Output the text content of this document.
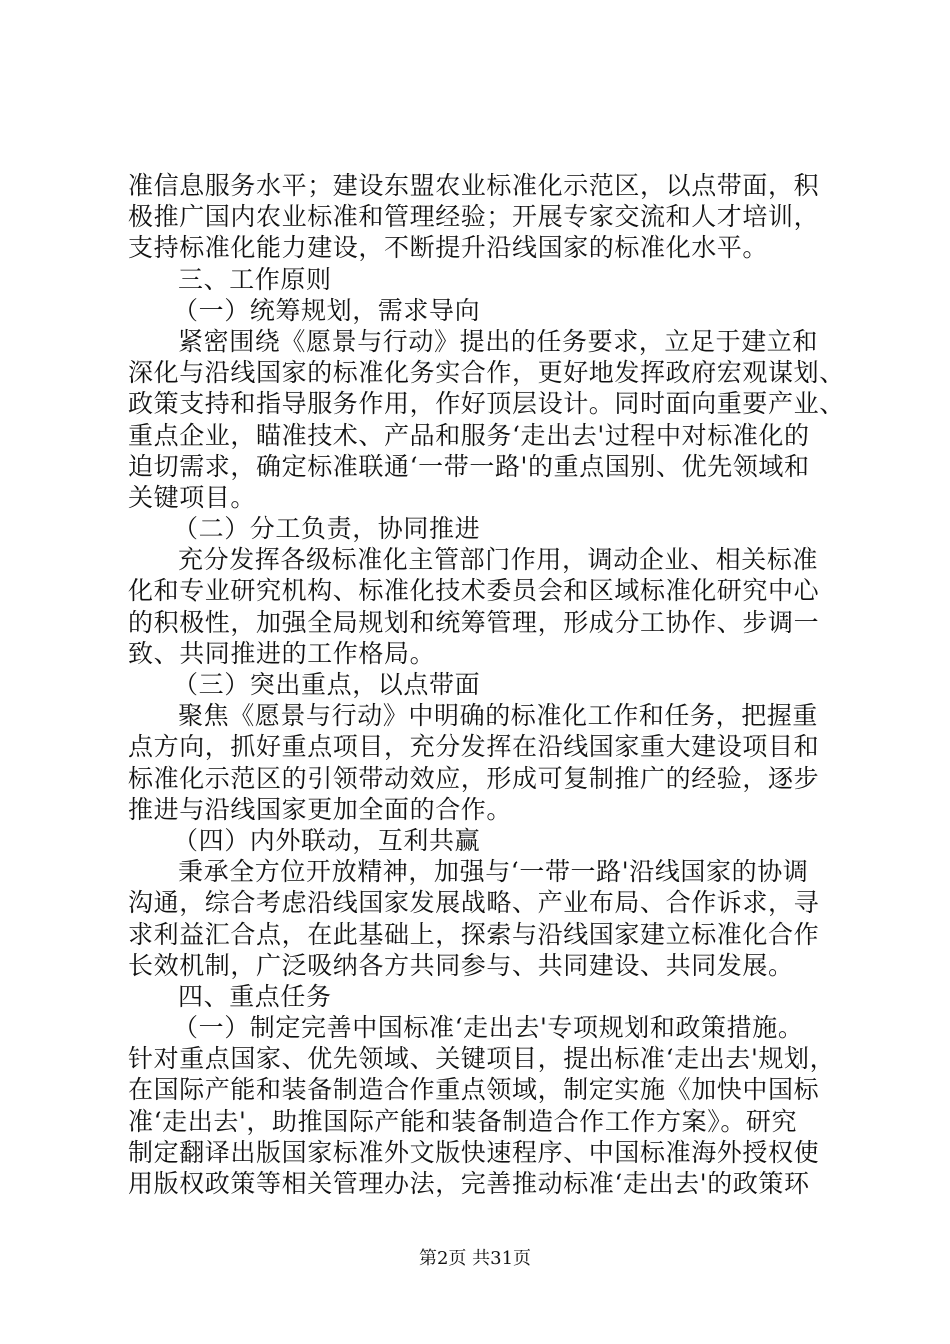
准信息服务水平；建设东盟农业标准化示范区，以点带面，积
极推广国内农业标准和管理经验；开展专家交流和人才培训，
支持标准化能力建设，不断提升沿线国家的标准化水平。
三、工作原则
（一）统筹规划，需求导向
紧密围绕《愿景与行动》提出的任务要求，立足于建立和
深化与沿线国家的标准化务实合作，更好地发挥政府宏观谋划、
政策支持和指导服务作用，作好顶层设计。同时面向重要产业、
重点企业，瞄准技术、产品和服务‘走出去'过程中对标准化的
迫切需求，确定标准联通‘一带一路'的重点国别、优先领域和
关键项目。
（二）分工负责，协同推进
充分发挥各级标准化主管部门作用，调动企业、相关标准
化和专业研究机构、标准化技术委员会和区域标准化研究中心
的积极性，加强全局规划和统筹管理，形成分工协作、步调一
致、共同推进的工作格局。
（三）突出重点，以点带面
聚焦《愿景与行动》中明确的标准化工作和任务，把握重
点方向，抓好重点项目，充分发挥在沿线国家重大建设项目和
标准化示范区的引领带动效应，形成可复制推广的经验，逐步
推进与沿线国家更加全面的合作。
（四）内外联动，互利共赢
秉承全方位开放精神，加强与‘一带一路'沿线国家的协调
沟通，综合考虑沿线国家发展战略、产业布局、合作诉求，寻
求利益汇合点，在此基础上，探索与沿线国家建立标准化合作
长效机制，广泛吸纳各方共同参与、共同建设、共同发展。
四、重点任务
（一）制定完善中国标准‘走出去'专项规划和政策措施。
针对重点国家、优先领域、关键项目，提出标准‘走出去'规划，
在国际产能和装备制造合作重点领域，制定实施《加快中国标
准‘走出去'，助推国际产能和装备制造合作工作方案》。研究
制定翻译出版国家标准外文版快速程序、中国标准海外授权使
用版权政策等相关管理办法，完善推动标准‘走出去'的政策环
第2页 共31页
